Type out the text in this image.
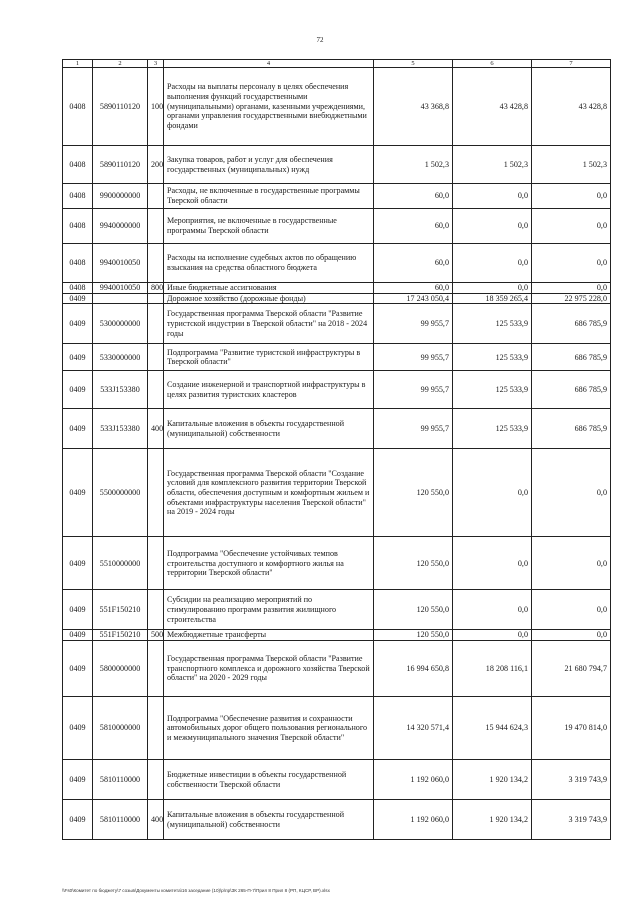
72
1	2	3	4	5	6	7
0408	5890110120	100	Расходы на выплаты персоналу в целях обеспечения выполнения функций государственными (муниципальными) органами, казенными учреждениями, органами управления государственными внебюджетными фондами	43 368,8	43 428,8	43 428,8
0408	5890110120	200	Закупка товаров, работ и услуг для обеспечения государственных (муниципальных) нужд	1 502,3	1 502,3	1 502,3
0408	9900000000		Расходы, не включенные в государственные программы Тверской области	60,0	0,0	0,0
0408	9940000000		Мероприятия, не включенные в государственные программы Тверской области	60,0	0,0	0,0
0408	9940010050		Расходы на исполнение судебных актов по обращению взыскания на средства областного бюджета	60,0	0,0	0,0
0408	9940010050	800	Иные бюджетные ассигнования	60,0	0,0	0,0
0409			Дорожное хозяйство (дорожные фонды)	17 243 050,4	18 359 265,4	22 975 228,0
0409	5300000000		Государственная программа Тверской области "Развитие туристской индустрии в Тверской области" на 2018 - 2024 годы	99 955,7	125 533,9	686 785,9
0409	5330000000		Подпрограмма "Развитие туристской инфраструктуры в Тверской области"	99 955,7	125 533,9	686 785,9
0409	533J153380		Создание инженерной и транспортной инфраструктуры в целях развития туристских кластеров	99 955,7	125 533,9	686 785,9
0409	533J153380	400	Капитальные вложения в объекты государственной (муниципальной) собственности	99 955,7	125 533,9	686 785,9
0409	5500000000		Государственная программа Тверской области "Создание условий для комплексного развития территории Тверской области, обеспечения доступным и комфортным жильем и объектами инфраструктуры населения Тверской области" на 2019 - 2024 годы	120 550,0	0,0	0,0
0409	5510000000		Подпрограмма "Обеспечение устойчивых темпов строительства доступного и комфортного жилья на территории Тверской области"	120 550,0	0,0	0,0
0409	551F150210		Субсидии на реализацию мероприятий по стимулированию программ развития жилищного строительства	120 550,0	0,0	0,0
0409	551F150210	500	Межбюджетные трансферты	120 550,0	0,0	0,0
0409	5800000000		Государственная программа Тверской области "Развитие транспортного комплекса и дорожного хозяйства Тверской области" на 2020 - 2029 годы	16 994 650,8	18 208 116,1	21 680 794,7
0409	5810000000		Подпрограмма "Обеспечение развития и сохранности автомобильных дорог общего пользования регионального и межмуниципального значения Тверской области"	14 320 571,4	15 944 624,3	19 470 814,0
0409	5810110000		Бюджетные инвестиции в объекты государственной собственности Тверской области	1 192 060,0	1 920 134,2	3 319 743,9
0409	5810110000	400	Капитальные вложения в объекты государственной (муниципальной) собственности	1 192 060,0	1 920 134,2	3 319 743,9
\\Fs0\Комитет по бюджету\7 созыв\Документы комитета\16 заседание (10)\р\пр\ЗК 265-П-7\Прил 8 Прил 8 (РП, КЦСР, ВР).xlsx
